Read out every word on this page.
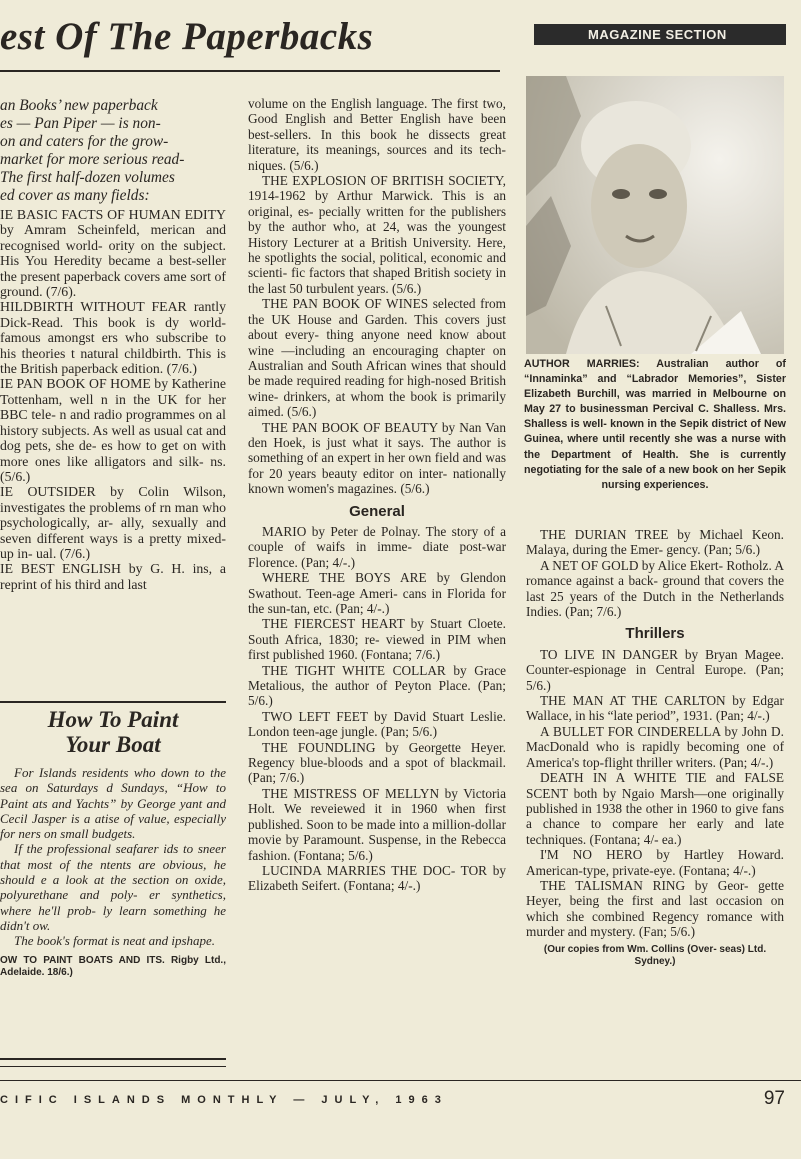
est Of The Paperbacks	MAGAZINE SECTION

an Books’ new paperback

es — Pan Piper — is non-

on and caters for the grow-

market for more serious read-

The first half-dozen volumes

ed cover as many fields:

IE BASIC FACTS OF HUMAN EDITY by Amram Scheinfeld, merican and recognised world- ority on the subject. His You Heredity became a best-seller the present paperback covers ame sort of ground. (7/6).

HILDBIRTH WITHOUT FEAR rantly Dick-Read. This book is dy world-famous amongst ers who subscribe to his theories t natural childbirth. This is the British paperback edition. (7/6.)

IE PAN BOOK OF HOME by Katherine Tottenham, well n in the UK for her BBC tele- n and radio programmes on al history subjects. As well as usual cat and dog pets, she de- es how to get on with more ones like alligators and silk- ns. (5/6.)

IE OUTSIDER by Colin Wilson, investigates the problems of rn man who psychologically, ar- ally, sexually and seven different ways is a pretty mixed-up in- ual. (7/6.)

IE BEST ENGLISH by G. H. ins, a reprint of his third and last

How To Paint
Your Boat

For Islands residents who down to the sea on Saturdays d Sundays, “How to Paint ats and Yachts” by George yant and Cecil Jasper is a atise of value, especially for ners on small budgets.

If the professional seafarer ids to sneer that most of the ntents are obvious, he should e a look at the section on oxide, polyurethane and poly- er synthetics, where he'll prob- ly learn something he didn't ow.

The book's format is neat and ipshape.

OW TO PAINT BOATS AND ITS. Rigby Ltd., Adelaide. 18/6.)

volume on the English language. The first two, Good English and Better English have been best-sellers. In this book he dissects great literature, its meanings, sources and its tech- niques. (5/6.)

THE EXPLOSION OF BRITISH SOCIETY, 1914-1962 by Arthur Marwick. This is an original, es- pecially written for the publishers by the author who, at 24, was the youngest History Lecturer at a British University. Here, he spotlights the social, political, economic and scienti- fic factors that shaped British society in the last 50 turbulent years. (5/6.)

THE PAN BOOK OF WINES selected from the UK House and Garden. This covers just about every- thing anyone need know about wine —including an encouraging chapter on Australian and South African wines that should be made required reading for high-nosed British wine- drinkers, at whom the book is primarily aimed. (5/6.)

THE PAN BOOK OF BEAUTY by Nan Van den Hoek, is just what it says. The author is something of an expert in her own field and was for 20 years beauty editor on inter- nationally known women's magazines. (5/6.)

General

MARIO by Peter de Polnay. The story of a couple of waifs in imme- diate post-war Florence. (Pan; 4/-.)

WHERE THE BOYS ARE by Glendon Swathout. Teen-age Ameri- cans in Florida for the sun-tan, etc. (Pan; 4/-.)

THE FIERCEST HEART by Stuart Cloete. South Africa, 1830; re- viewed in PIM when first published 1960. (Fontana; 7/6.)

THE TIGHT WHITE COLLAR by Grace Metalious, the author of Peyton Place. (Pan; 5/6.)

TWO LEFT FEET by David Stuart Leslie. London teen-age jungle. (Pan; 5/6.)

THE FOUNDLING by Georgette Heyer. Regency blue-bloods and a spot of blackmail. (Pan; 7/6.)

THE MISTRESS OF MELLYN by Victoria Holt. We reveiewed it in 1960 when first published. Soon to be made into a million-dollar movie by Paramount. Suspense, in the Rebecca fashion. (Fontana; 5/6.)

LUCINDA MARRIES THE DOC- TOR by Elizabeth Seifert. (Fontana; 4/-.)

AUTHOR MARRIES: Australian author of “Innaminka” and “Labrador Memories”, Sister Elizabeth Burchill, was married in Melbourne on May 27 to businessman Percival C. Shalless. Mrs. Shalless is well- known in the Sepik district of New Guinea, where until recently she was a nurse with the Department of Health. She is currently negotiating for the sale of a new book on her Sepik nursing experiences.

THE DURIAN TREE by Michael Keon. Malaya, during the Emer- gency. (Pan; 5/6.)

A NET OF GOLD by Alice Ekert- Rotholz. A romance against a back- ground that covers the last 25 years of the Dutch in the Netherlands Indies. (Pan; 7/6.)

Thrillers

TO LIVE IN DANGER by Bryan Magee. Counter-espionage in Central Europe. (Pan; 5/6.)

THE MAN AT THE CARLTON by Edgar Wallace, in his “late period”, 1931. (Pan; 4/-.)

A BULLET FOR CINDERELLA by John D. MacDonald who is rapidly becoming one of America's top-flight thriller writers. (Pan; 4/-.)

DEATH IN A WHITE TIE and FALSE SCENT both by Ngaio Marsh—one originally published in 1938 the other in 1960 to give fans a chance to compare her early and late techniques. (Fontana; 4/- ea.)

I'M NO HERO by Hartley Howard. American-type, private-eye. (Fontana; 4/-.)

THE TALISMAN RING by Geor- gette Heyer, being the first and last occasion on which she combined Regency romance with murder and mystery. (Fan; 5/6.)

(Our copies from Wm. Collins (Over- seas) Ltd. Sydney.)
CIFIC ISLANDS MONTHLY — JULY, 1963	97
